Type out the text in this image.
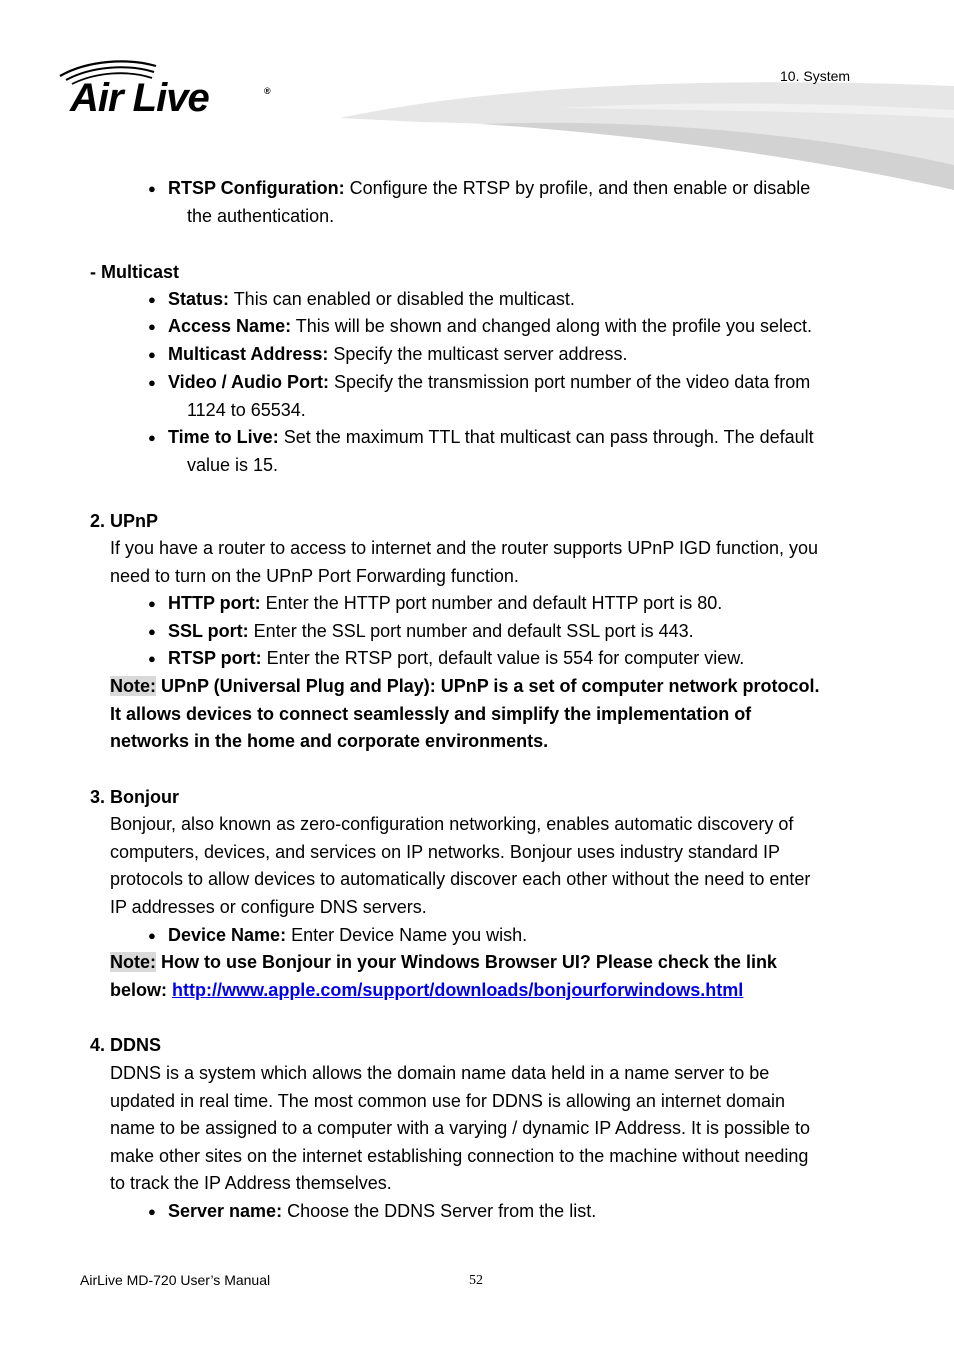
Air Live	®
10. System
● RTSP Configuration: Configure the RTSP by profile, and then enable or disable
the authentication.
- Multicast
● Status: This can enabled or disabled the multicast.
● Access Name: This will be shown and changed along with the profile you select.
● Multicast Address: Specify the multicast server address.
● Video / Audio Port: Specify the transmission port number of the video data from
1124 to 65534.
● Time to Live: Set the maximum TTL that multicast can pass through. The default
value is 15.
2. UPnP
If you have a router to access to internet and the router supports UPnP IGD function, you
need to turn on the UPnP Port Forwarding function.
● HTTP port: Enter the HTTP port number and default HTTP port is 80.
● SSL port: Enter the SSL port number and default SSL port is 443.
● RTSP port: Enter the RTSP port, default value is 554 for computer view.
Note: UPnP (Universal Plug and Play): UPnP is a set of computer network protocol.
It allows devices to connect seamlessly and simplify the implementation of
networks in the home and corporate environments.
3. Bonjour
Bonjour, also known as zero-configuration networking, enables automatic discovery of
computers, devices, and services on IP networks. Bonjour uses industry standard IP
protocols to allow devices to automatically discover each other without the need to enter
IP addresses or configure DNS servers.
● Device Name: Enter Device Name you wish.
Note: How to use Bonjour in your Windows Browser UI? Please check the link
below: http://www.apple.com/support/downloads/bonjourforwindows.html
4. DDNS
DDNS is a system which allows the domain name data held in a name server to be
updated in real time. The most common use for DDNS is allowing an internet domain
name to be assigned to a computer with a varying / dynamic IP Address. It is possible to
make other sites on the internet establishing connection to the machine without needing
to track the IP Address themselves.
● Server name: Choose the DDNS Server from the list.
AirLive MD-720 User’s Manual	52
